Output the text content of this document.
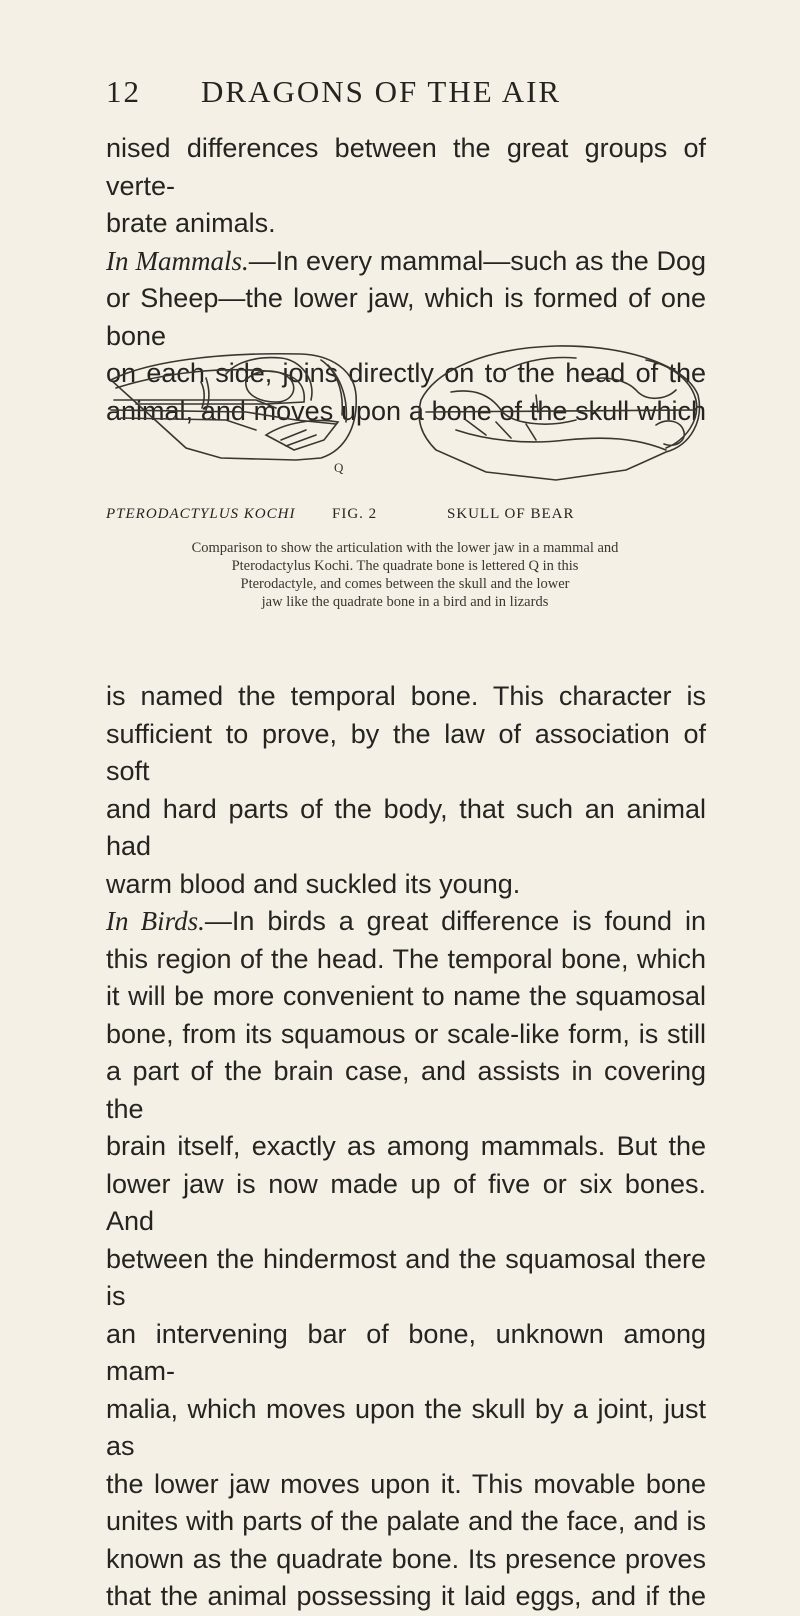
12 DRAGONS OF THE AIR
nised differences between the great groups of verte-
brate animals.
In Mammals.—In every mammal—such as the Dog
or Sheep—the lower jaw, which is formed of one bone
on each side, joins directly on to the head of the
animal, and moves upon a bone of the skull which
Q
PTERODACTYLUS KOCHI FIG. 2	SKULL OF BEAR
Comparison to show the articulation with the lower jaw in a mammal and
Pterodactylus Kochi. The quadrate bone is lettered Q in this
Pterodactyle, and comes between the skull and the lower
jaw like the quadrate bone in a bird and in lizards
is named the temporal bone. This character is
sufficient to prove, by the law of association of soft
and hard parts of the body, that such an animal had
warm blood and suckled its young.
In Birds.—In birds a great difference is found in
this region of the head. The temporal bone, which
it will be more convenient to name the squamosal
bone, from its squamous or scale-like form, is still
a part of the brain case, and assists in covering the
brain itself, exactly as among mammals. But the
lower jaw is now made up of five or six bones. And
between the hindermost and the squamosal there is
an intervening bar of bone, unknown among mam-
malia, which moves upon the skull by a joint, just as
the lower jaw moves upon it. This movable bone
unites with parts of the palate and the face, and is
known as the quadrate bone. Its presence proves
that the animal possessing it laid eggs, and if the
